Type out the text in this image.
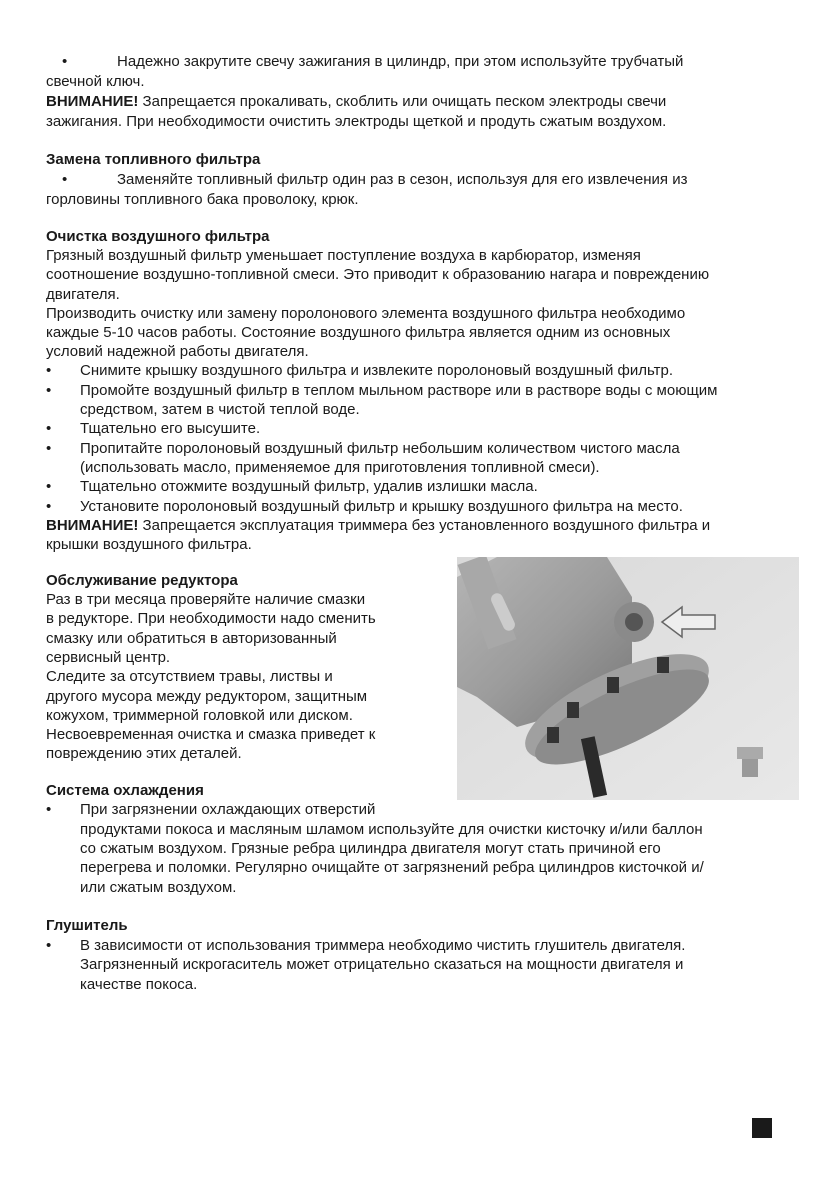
•	Надежно закрутите свечу зажигания в цилиндр, при этом используйте трубчатый
свечной ключ.
ВНИМАНИЕ! Запрещается прокаливать, скоблить или очищать песком электроды свечи
зажигания. При необходимости очистить электроды щеткой и продуть сжатым воздухом.
Замена топливного фильтра
•	Заменяйте топливный фильтр один раз в сезон, используя для его извлечения из
горловины топливного бака проволоку, крюк.
Очистка воздушного фильтра
Грязный воздушный фильтр уменьшает поступление воздуха в карбюратор, изменяя
соотношение воздушно-топливной смеси. Это приводит к образованию нагара и повреждению
двигателя.
Производить очистку или замену поролонового элемента воздушного фильтра необходимо
каждые 5-10 часов работы. Состояние воздушного фильтра является одним из основных
условий надежной работы двигателя.
• Снимите крышку воздушного фильтра и извлеките поролоновый воздушный фильтр.
• Промойте воздушный фильтр в теплом мыльном растворе или в растворе воды с моющим
средством, затем в чистой теплой воде.
• Тщательно его высушите.
• Пропитайте поролоновый воздушный фильтр небольшим количеством чистого масла
(использовать масло, применяемое для приготовления топливной смеси).
• Тщательно отожмите воздушный фильтр, удалив излишки масла.
• Установите поролоновый воздушный фильтр и крышку воздушного фильтра на место.
ВНИМАНИЕ! Запрещается эксплуатация триммера без установленного воздушного фильтра и
крышки воздушного фильтра.
Обслуживание редуктора
Раз в три месяца проверяйте наличие смазки
в редукторе. При необходимости надо сменить
смазку или обратиться в авторизованный
сервисный центр.
Следите за отсутствием травы, листвы и
другого мусора между редуктором, защитным
кожухом, триммерной головкой или диском.
Несвоевременная очистка и смазка приведет к
повреждению этих деталей.
Система охлаждения
• При загрязнении охлаждающих отверстий
продуктами покоса и масляным шламом используйте для очистки кисточку и/или баллон
со сжатым воздухом. Грязные ребра цилиндра двигателя могут стать причиной его
перегрева и поломки. Регулярно очищайте от загрязнений ребра цилиндров кисточкой и/
или сжатым воздухом.
Глушитель
• В зависимости от использования триммера необходимо чистить глушитель двигателя.
Загрязненный искрогаситель может отрицательно сказаться на мощности двигателя и
качестве покоса.
